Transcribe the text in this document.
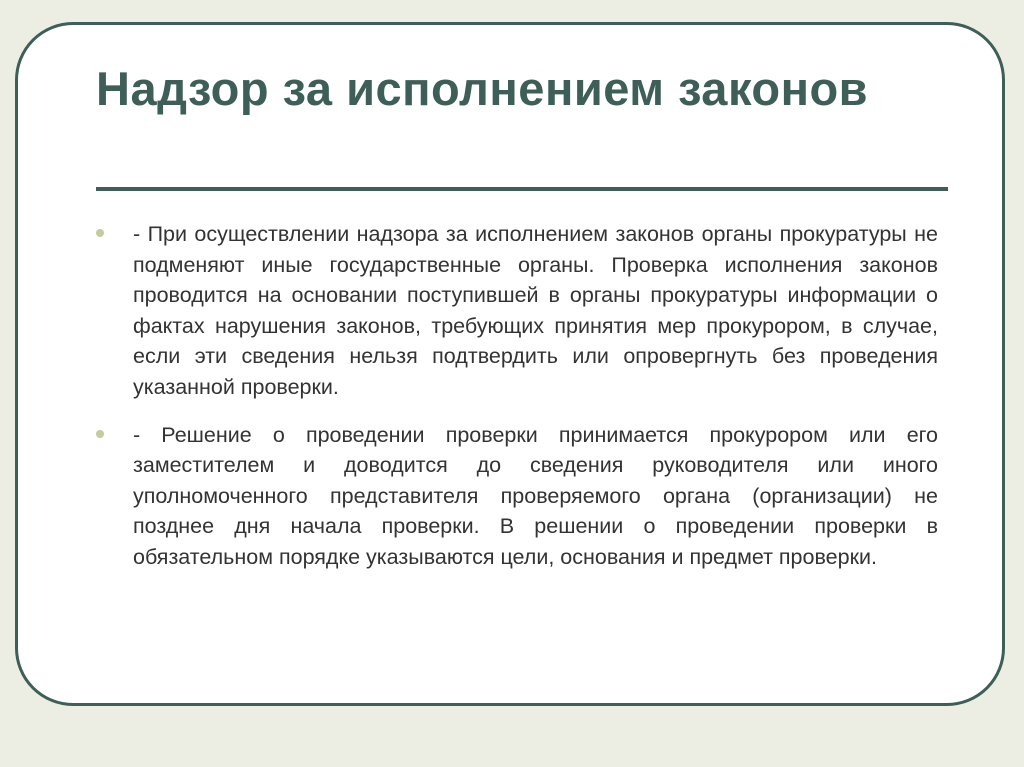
Надзор за исполнением законов
- При осуществлении надзора за исполнением законов органы прокуратуры не подменяют иные государственные органы. Проверка исполнения законов проводится на основании поступившей в органы прокуратуры информации о фактах нарушения законов, требующих принятия мер прокурором, в случае, если эти сведения нельзя подтвердить или опровергнуть без проведения указанной проверки.
- Решение о проведении проверки принимается прокурором или его заместителем и доводится до сведения руководителя или иного уполномоченного представителя проверяемого органа (организации) не позднее дня начала проверки. В решении о проведении проверки в обязательном порядке указываются цели, основания и предмет проверки.
